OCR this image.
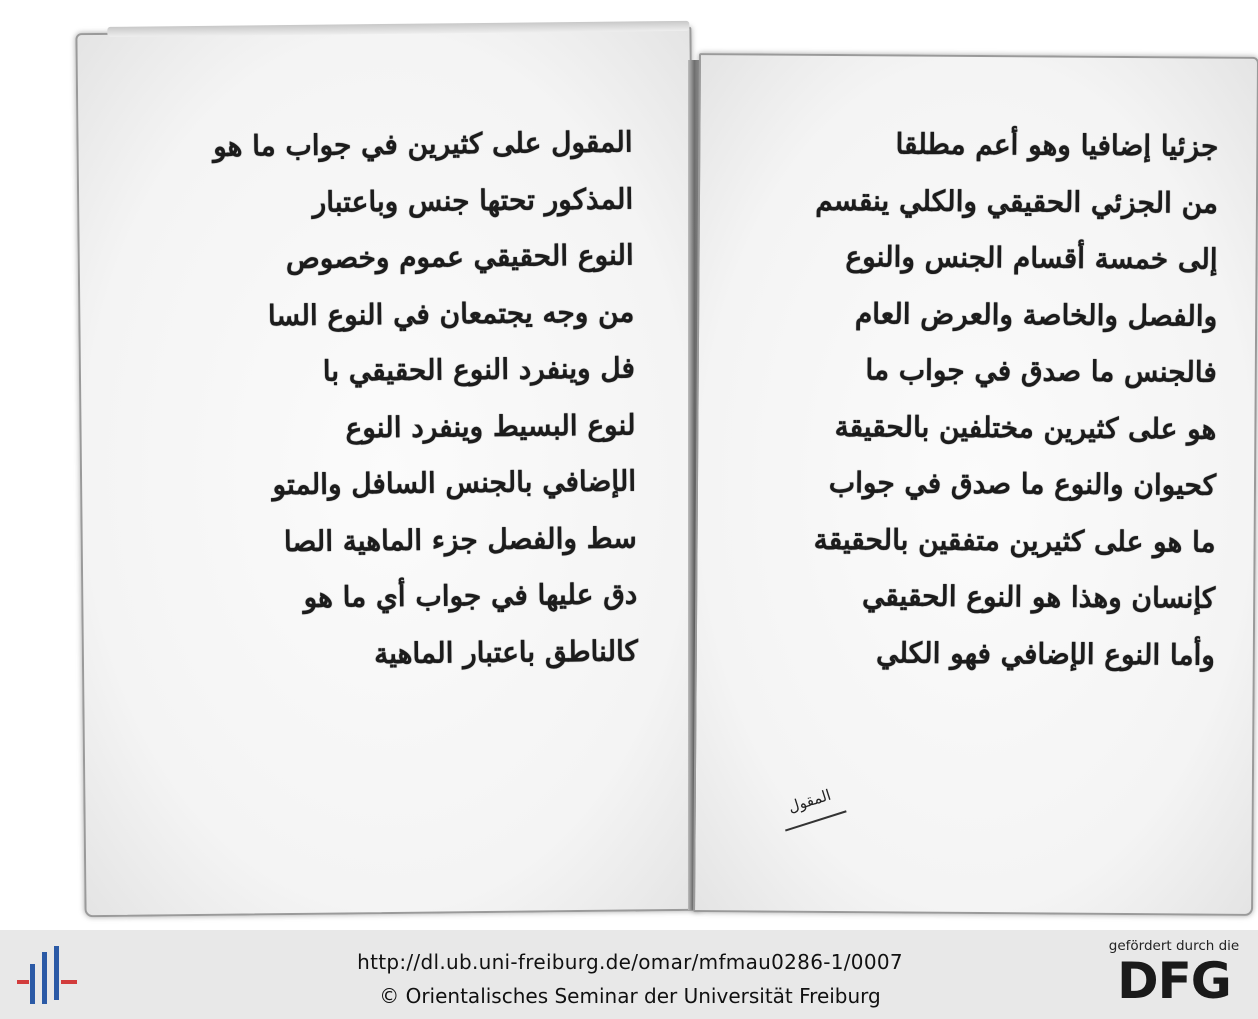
المقول على كثيرين في جواب ما هو
المذكور تحتها جنس وباعتبار
النوع الحقيقي عموم وخصوص
من وجه يجتمعان في النوع السا
فل وينفرد النوع الحقيقي با
لنوع البسيط وينفرد النوع
الإضافي بالجنس السافل والمتو
سط والفصل جزء الماهية الصا
دق عليها في جواب أي ما هو
كالناطق باعتبار الماهية
جزئيا إضافيا وهو أعم مطلقا
من الجزئي الحقيقي والكلي ينقسم
إلى خمسة أقسام الجنس والنوع
والفصل والخاصة والعرض العام
فالجنس ما صدق في جواب ما
هو على كثيرين مختلفين بالحقيقة
كحيوان والنوع ما صدق في جواب
ما هو على كثيرين متفقين بالحقيقة
كإنسان وهذا هو النوع الحقيقي
وأما النوع الإضافي فهو الكلي
المقول
http://dl.ub.uni-freiburg.de/omar/mfmau0286-1/0007
© Orientalisches Seminar der Universität Freiburg
gefördert durch die
DFG
